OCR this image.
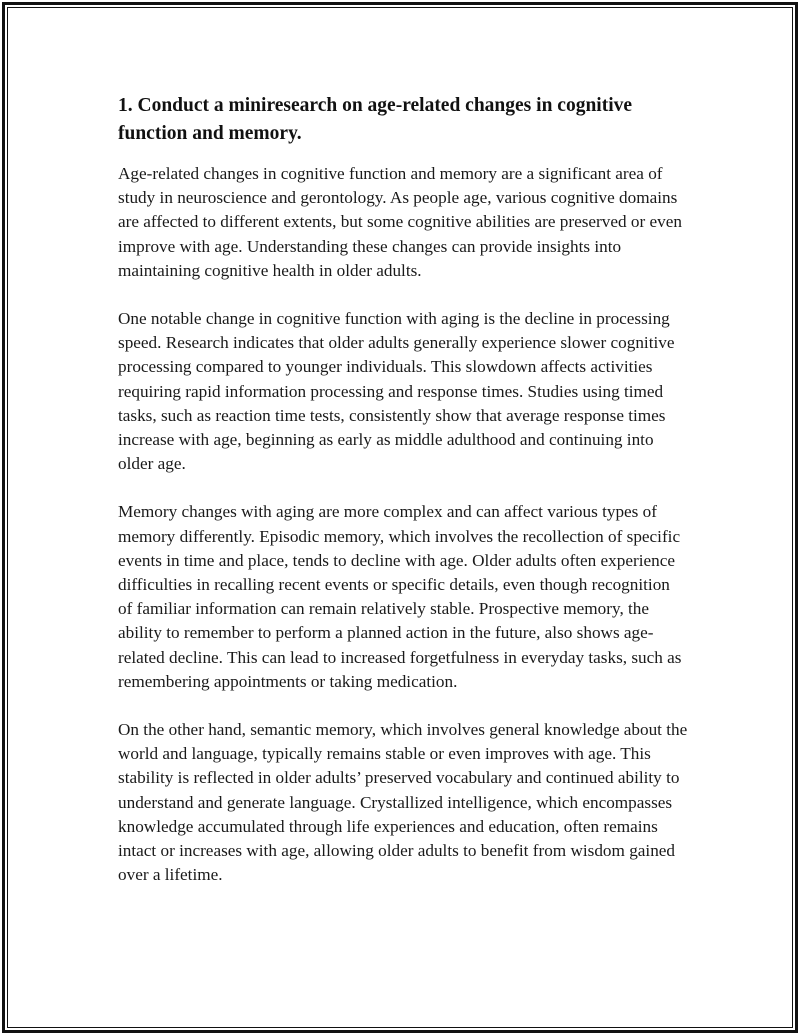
1. Conduct a miniresearch on age-related changes in cognitive function and memory.

Age-related changes in cognitive function and memory are a significant area of study in neuroscience and gerontology. As people age, various cognitive domains are affected to different extents, but some cognitive abilities are preserved or even improve with age. Understanding these changes can provide insights into maintaining cognitive health in older adults.

One notable change in cognitive function with aging is the decline in processing speed. Research indicates that older adults generally experience slower cognitive processing compared to younger individuals. This slowdown affects activities requiring rapid information processing and response times. Studies using timed tasks, such as reaction time tests, consistently show that average response times increase with age, beginning as early as middle adulthood and continuing into older age.

Memory changes with aging are more complex and can affect various types of memory differently. Episodic memory, which involves the recollection of specific events in time and place, tends to decline with age. Older adults often experience difficulties in recalling recent events or specific details, even though recognition of familiar information can remain relatively stable. Prospective memory, the ability to remember to perform a planned action in the future, also shows age-related decline. This can lead to increased forgetfulness in everyday tasks, such as remembering appointments or taking medication.

On the other hand, semantic memory, which involves general knowledge about the world and language, typically remains stable or even improves with age. This stability is reflected in older adults’ preserved vocabulary and continued ability to understand and generate language. Crystallized intelligence, which encompasses knowledge accumulated through life experiences and education, often remains intact or increases with age, allowing older adults to benefit from wisdom gained over a lifetime.
